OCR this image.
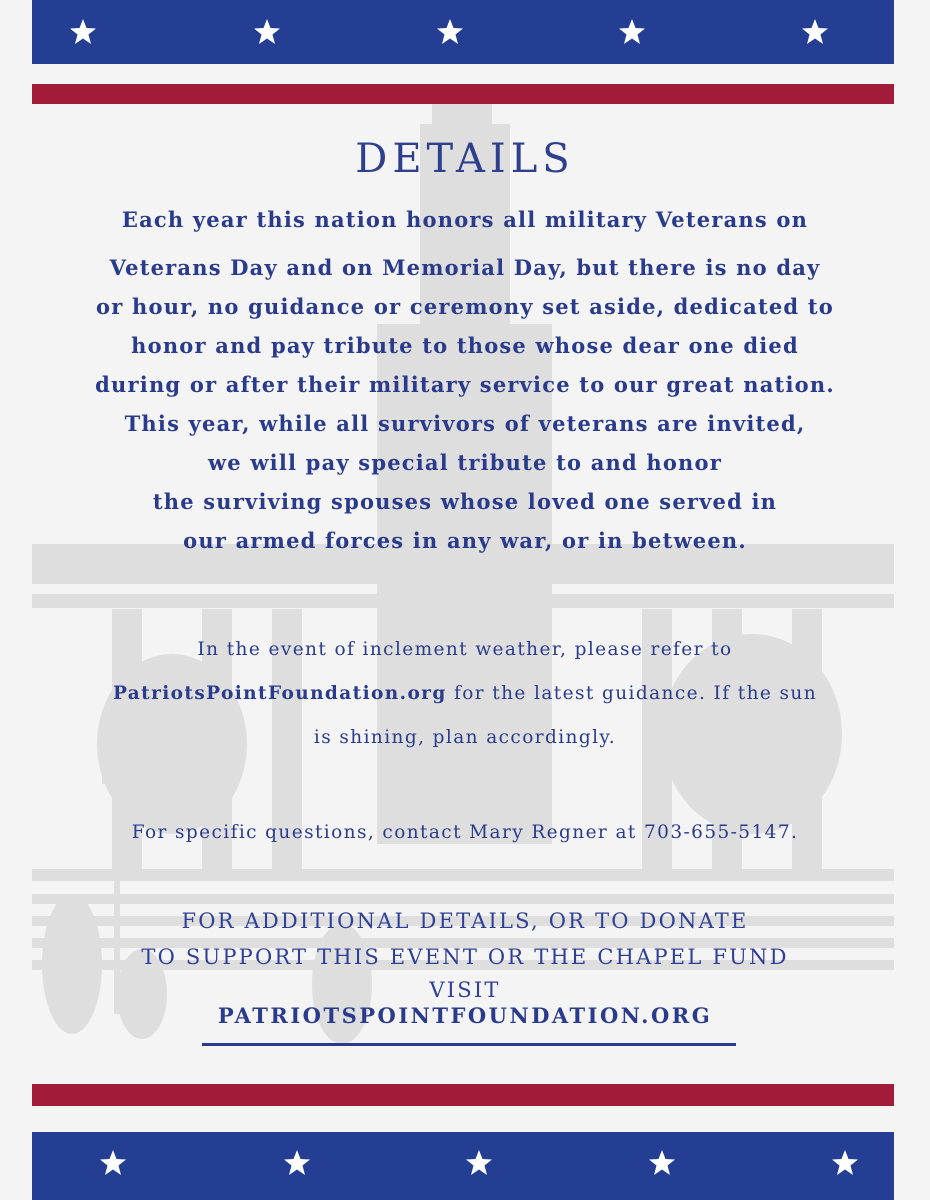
DETAILS
Each year this nation honors all military Veterans on
Veterans Day and on Memorial Day, but there is no day
or hour, no guidance or ceremony set aside, dedicated to
honor and pay tribute to those whose dear one died
during or after their military service to our great nation.
This year, while all survivors of veterans are invited,
we will pay special tribute to and honor
the surviving spouses whose loved one served in
our armed forces in any war, or in between.
In the event of inclement weather, please refer to
PatriotsPointFoundation.org for the latest guidance. If the sun
is shining, plan accordingly.
For specific questions, contact Mary Regner at 703-655-5147.
FOR ADDITIONAL DETAILS, OR TO DONATE
TO SUPPORT THIS EVENT OR THE CHAPEL FUND
VISIT
PATRIOTSPOINTFOUNDATION.ORG
